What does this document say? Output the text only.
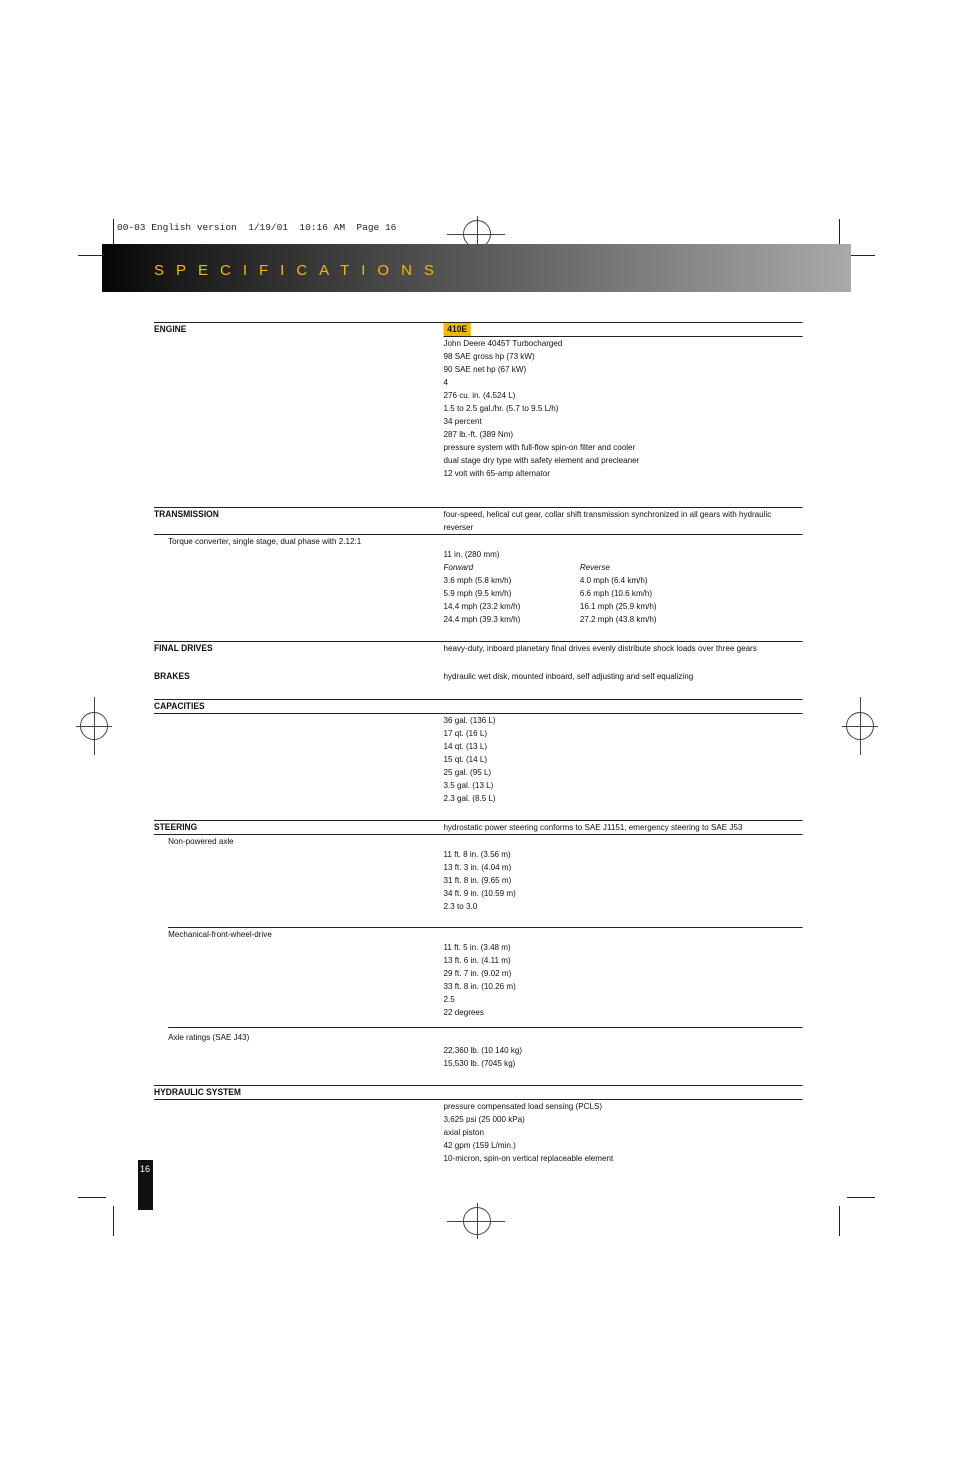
00-03 English version  1/19/01  10:16 AM  Page 16
SPECIFICATIONS
16
ENGINE	410E
John Deere 4045T Turbocharged
98 SAE gross hp (73 kW)
90 SAE net hp (67 kW)
4
276 cu. in. (4.524 L)
1.5 to 2.5 gal./hr. (5.7 to 9.5 L/h)
34 percent
287 lb.-ft. (389 Nm)
pressure system with full-flow spin-on filter and cooler
dual stage dry type with safety element and precleaner
12 volt with 65-amp alternator
TRANSMISSION	four-speed, helical cut gear, collar shift transmission synchronized in all gears with hydraulic
reverser
Torque converter, single stage, dual phase with 2.12:1
11 in. (280 mm)
Forward	Reverse
3.6 mph (5.8 km/h)	4.0 mph (6.4 km/h)
5.9 mph (9.5 km/h)	6.6 mph (10.6 km/h)
14.4 mph (23.2 km/h)	16.1 mph (25.9 km/h)
24.4 mph (39.3 km/h)	27.2 mph (43.8 km/h)
FINAL DRIVES	heavy-duty, inboard planetary final drives evenly distribute shock loads over three gears
BRAKES	hydraulic wet disk, mounted inboard, self adjusting and self equalizing
CAPACITIES
36 gal. (136 L)
17 qt. (16 L)
14 qt. (13 L)
15 qt. (14 L)
25 gal. (95 L)
3.5 gal. (13 L)
2.3 gal. (8.5 L)
STEERING	hydrostatic power steering conforms to SAE J1151, emergency steering to SAE J53
Non-powered axle
11 ft. 8 in. (3.56 m)
13 ft. 3 in. (4.04 m)
31 ft. 8 in. (9.65 m)
34 ft. 9 in. (10.59 m)
2.3 to 3.0
Mechanical-front-wheel-drive
11 ft. 5 in. (3.48 m)
13 ft. 6 in. (4.11 m)
29 ft. 7 in. (9.02 m)
33 ft. 8 in. (10.26 m)
2.5
22 degrees
Axle ratings (SAE J43)
22,360 lb. (10 140 kg)
15,530 lb. (7045 kg)
HYDRAULIC SYSTEM
pressure compensated load sensing (PCLS)
3,625 psi (25 000 kPa)
axial piston
42 gpm (159 L/min.)
10-micron, spin-on vertical replaceable element
